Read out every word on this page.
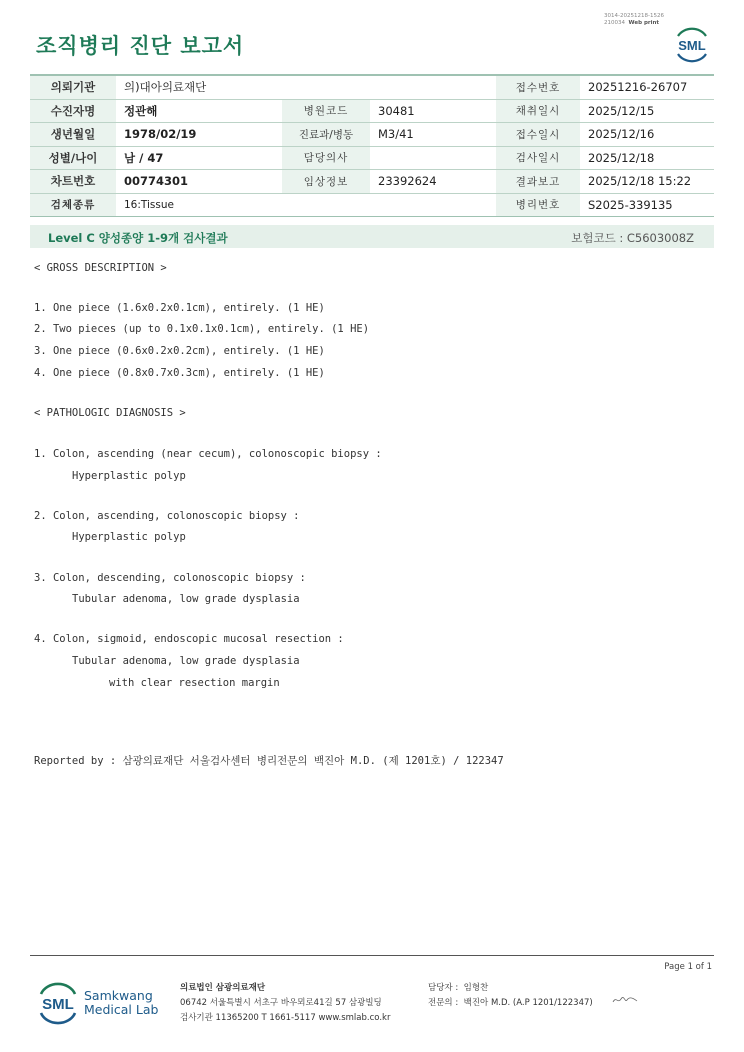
3014-20251218-1526
210034 Web print
조직병리 진단 보고서	SML
의뢰기관	의)대아의료재단			접수번호	20251216-26707
수진자명	정관해	병원코드	30481	채취일시	2025/12/15
생년월일	1978/02/19	진료과/병동	M3/41	접수일시	2025/12/16
성별/나이	남 / 47	담당의사		검사일시	2025/12/18
차트번호	00774301	임상정보	23392624	결과보고	2025/12/18 15:22
검체종류	16:Tissue			병리번호	S2025-339135
Level C 양성종양 1-9개 검사결과	보험코드 : C5603008Z
< GROSS DESCRIPTION >
1. One piece (1.6x0.2x0.1cm), entirely. (1 HE)
2. Two pieces (up to 0.1x0.1x0.1cm), entirely. (1 HE)
3. One piece (0.6x0.2x0.2cm), entirely. (1 HE)
4. One piece (0.8x0.7x0.3cm), entirely. (1 HE)
< PATHOLOGIC DIAGNOSIS >
1. Colon, ascending (near cecum), colonoscopic biopsy :
Hyperplastic polyp
2. Colon, ascending, colonoscopic biopsy :
Hyperplastic polyp
3. Colon, descending, colonoscopic biopsy :
Tubular adenoma, low grade dysplasia
4. Colon, sigmoid, endoscopic mucosal resection :
Tubular adenoma, low grade dysplasia
with clear resection margin
Reported by : 삼광의료재단 서울검사센터 병리전문의 백진아 M.D. (제 1201호) / 122347
Page 1 of 1
SML
Samkwang
Medical Lab
의료법인 삼광의료재단
06742 서울특별시 서초구 바우뫼로41길 57 삼광빌딩
검사기관 11365200 T 1661-5117 www.smlab.co.kr
담당자 : 임형찬
전문의 : 백진아 M.D. (A.P 1201/122347)
